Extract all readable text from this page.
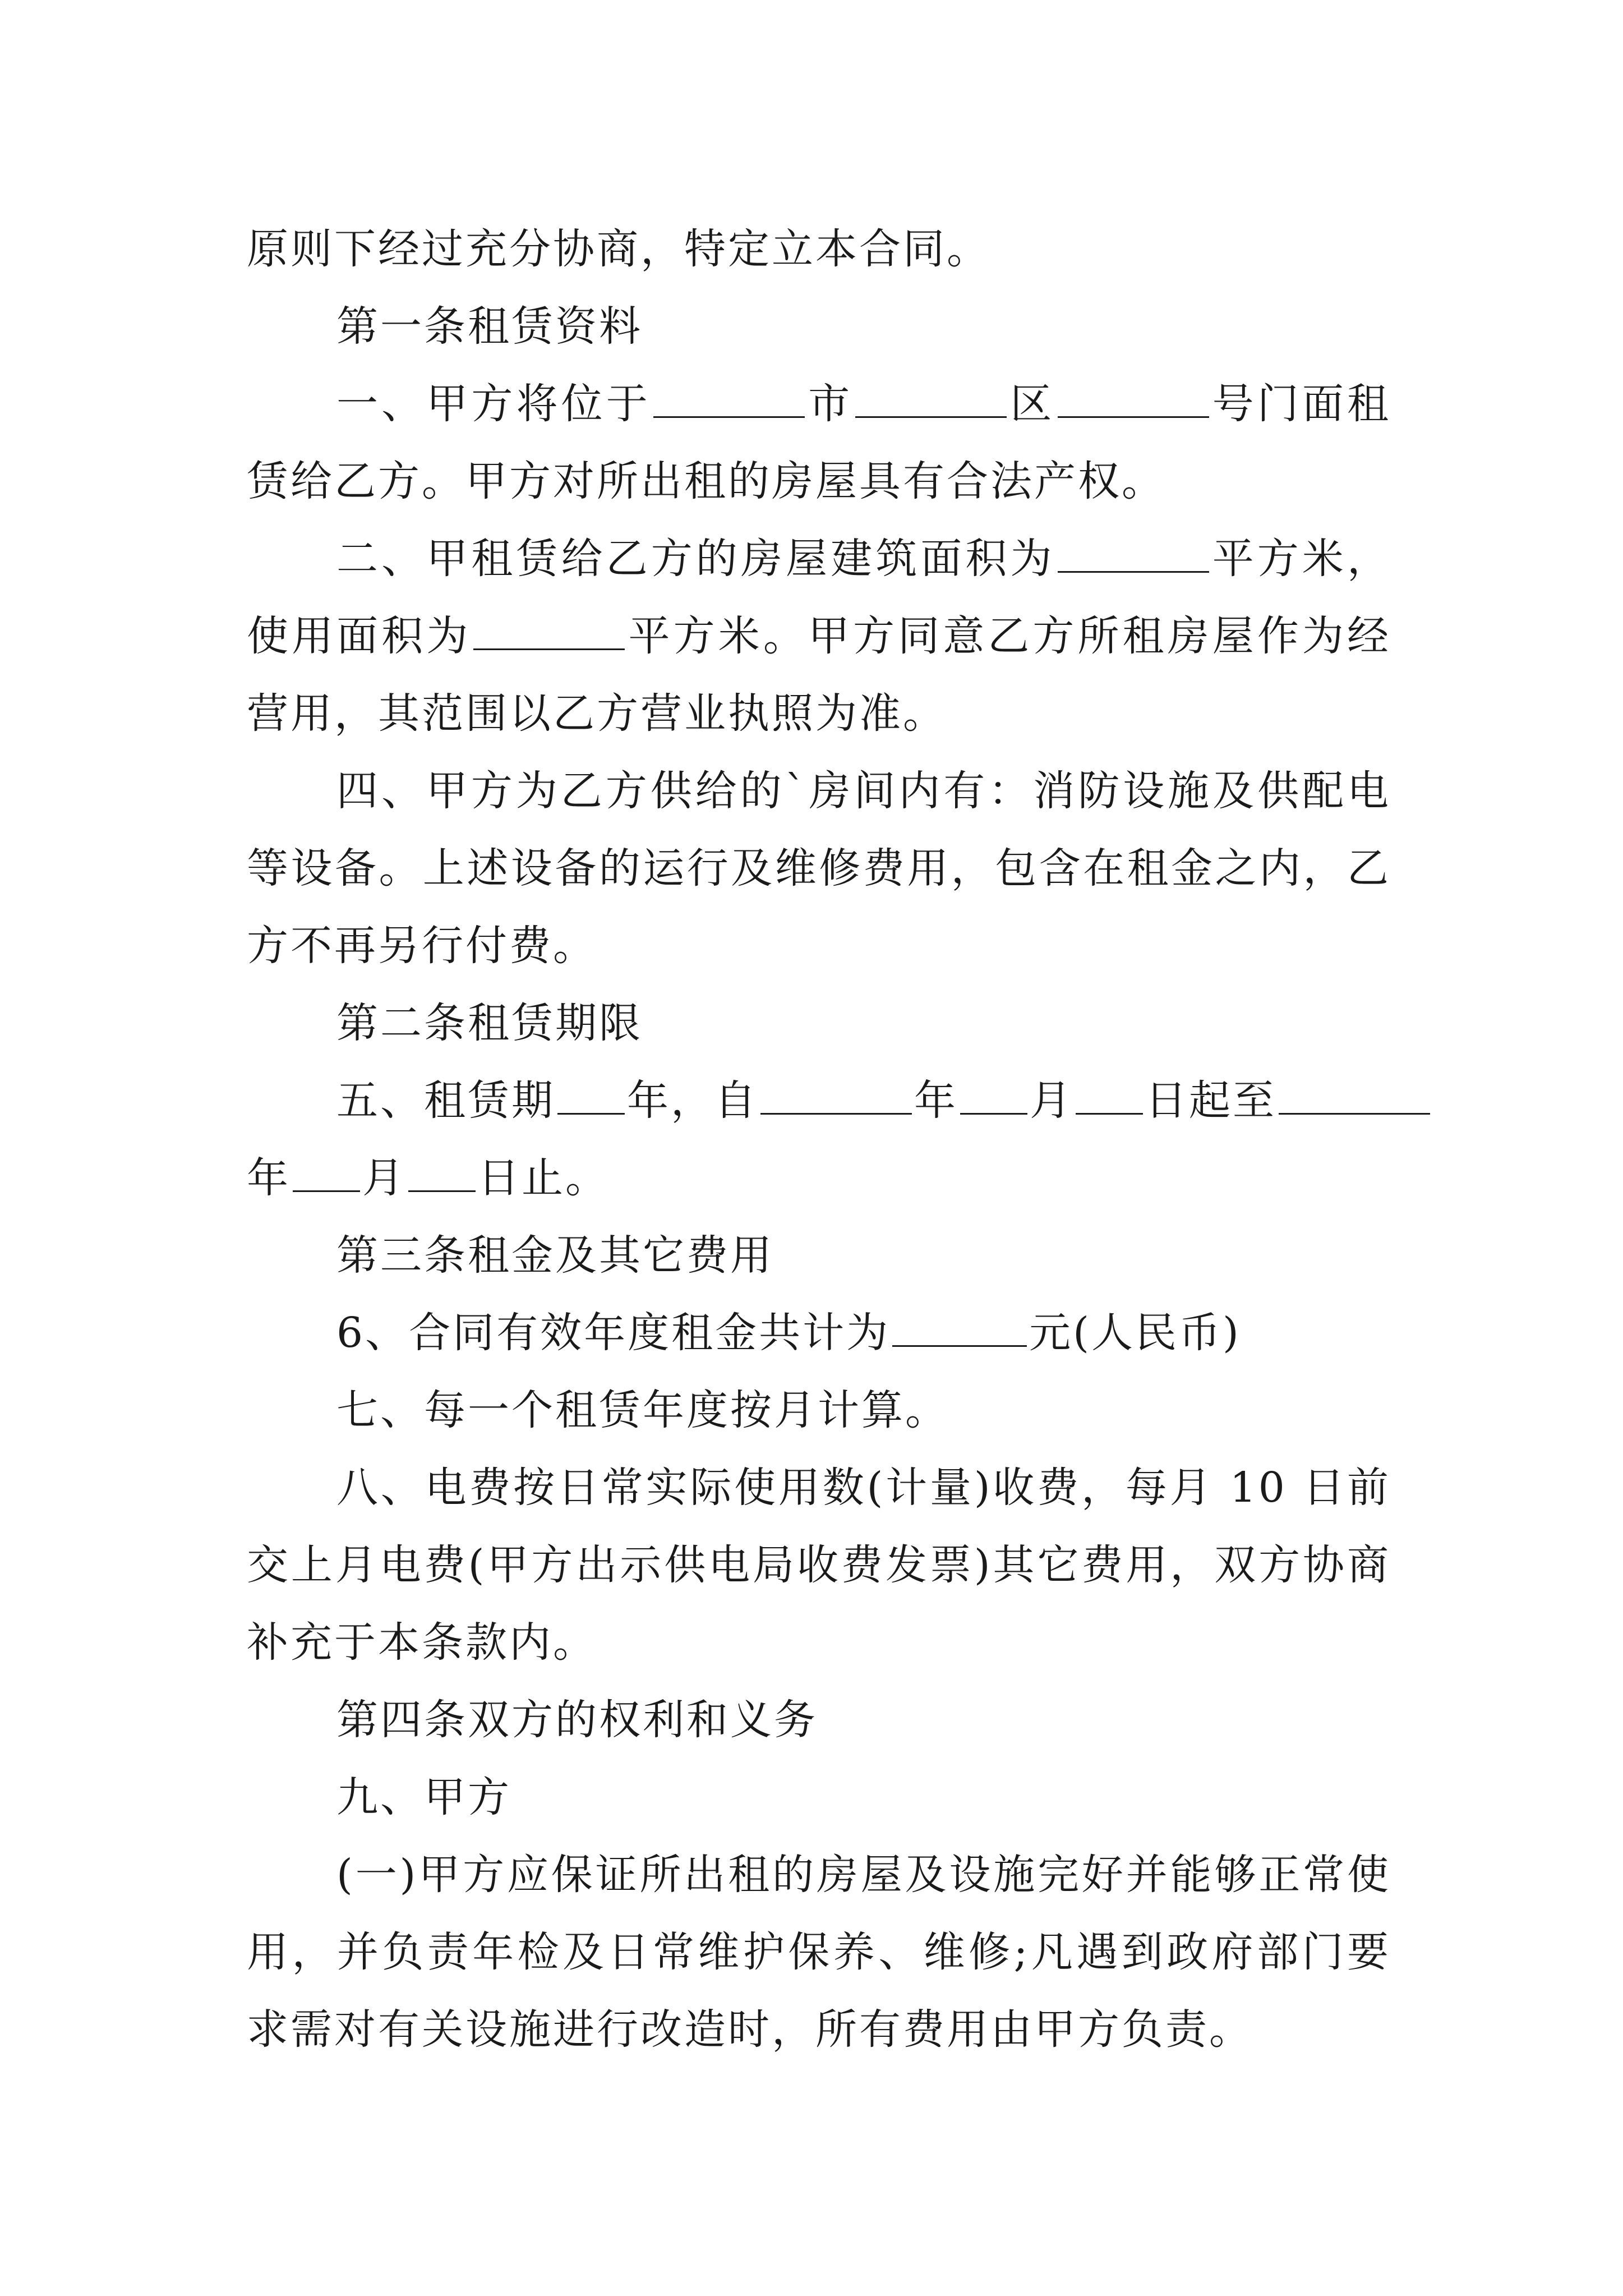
原则下经过充分协商，特定立本合同。
第一条租赁资料
一、甲方将位于	市	区	号门面租
赁给乙方。甲方对所出租的房屋具有合法产权。
二、甲租赁给乙方的房屋建筑面积为	平方米，
使用面积为	平方米。甲方同意乙方所租房屋作为经
营用，其范围以乙方营业执照为准。
四、甲方为乙方供给的`房间内有：消防设施及供配电
等设备。上述设备的运行及维修费用，包含在租金之内，乙
方不再另行付费。
第二条租赁期限
五、租赁期 年，自	年 月 日起至
年 月 日止。
第三条租金及其它费用
6、合同有效年度租金共计为	元(人民币)
七、每一个租赁年度按月计算。
八、电费按日常实际使用数(计量)收费，每月 10 日前
交上月电费(甲方出示供电局收费发票)其它费用，双方协商
补充于本条款内。
第四条双方的权利和义务
九、甲方
(一)甲方应保证所出租的房屋及设施完好并能够正常使
用，并负责年检及日常维护保养、维修;凡遇到政府部门要
求需对有关设施进行改造时，所有费用由甲方负责。
